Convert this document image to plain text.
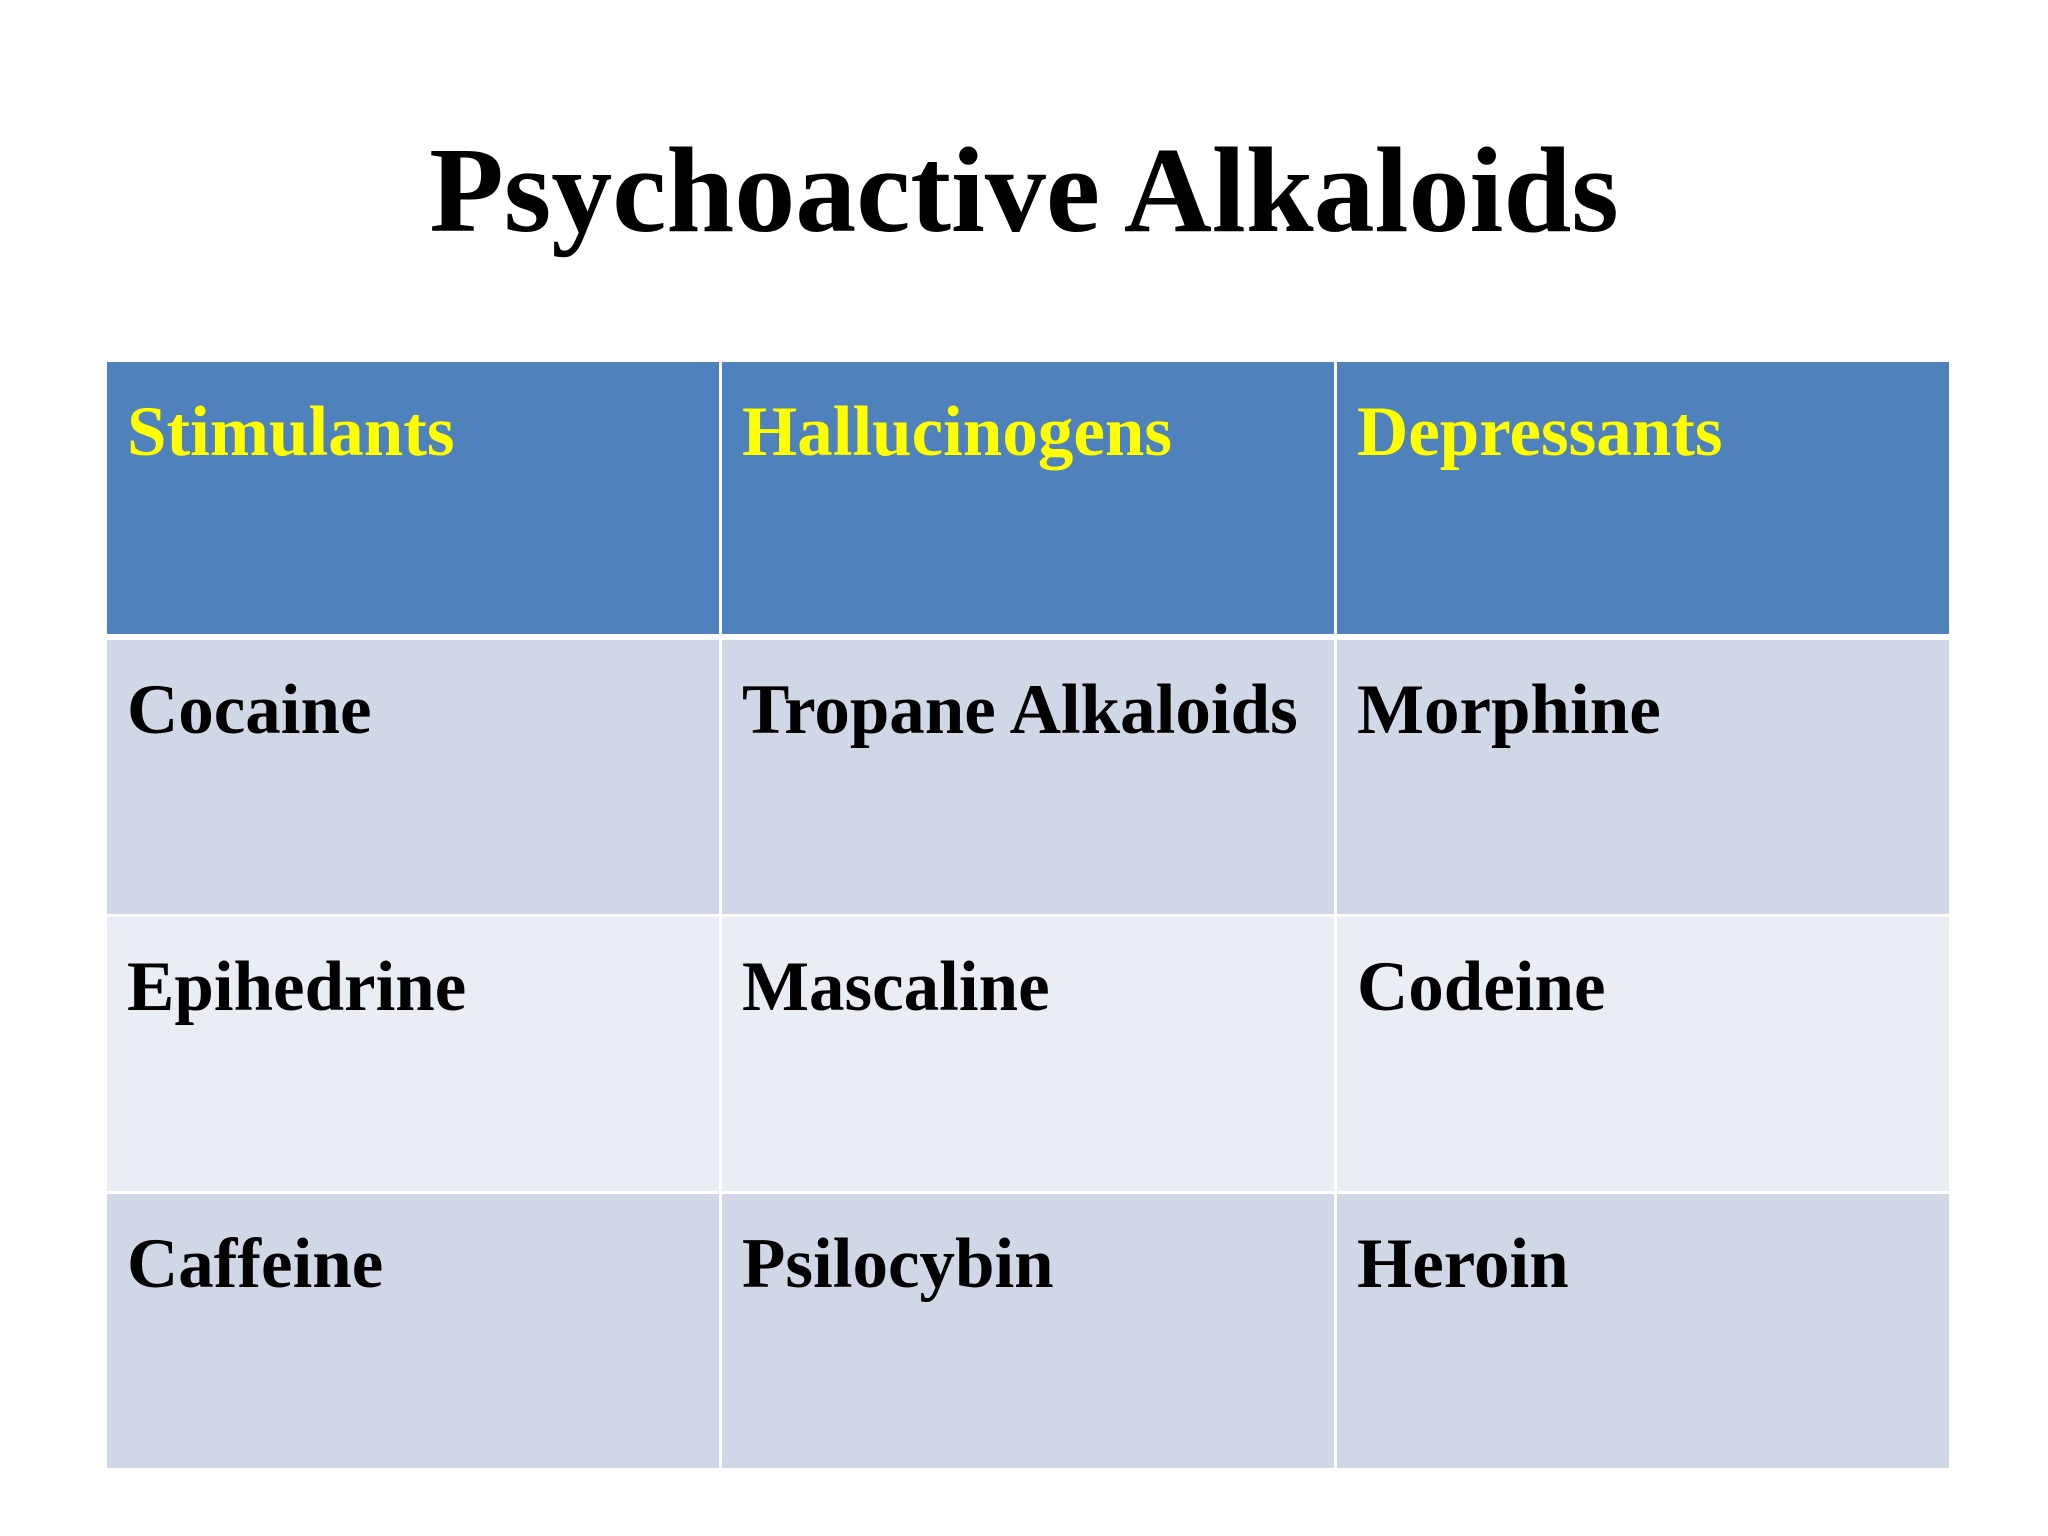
Psychoactive Alkaloids
Stimulants	Hallucinogens	Depressants
Cocaine	Tropane Alkaloids	Morphine
Epihedrine	Mascaline	Codeine
Caffeine	Psilocybin	Heroin
